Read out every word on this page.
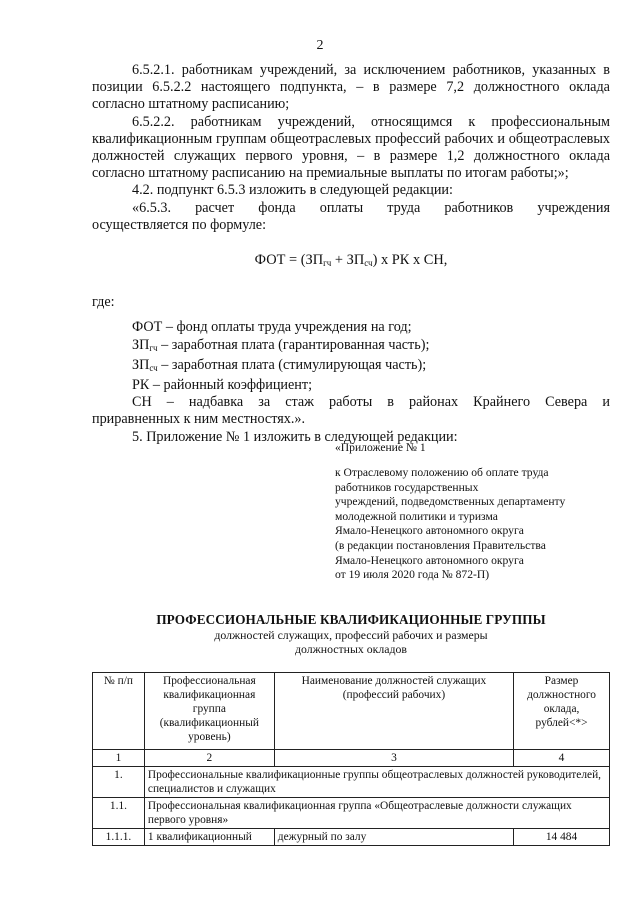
2

6.5.2.1. работникам учреждений, за исключением работников, указанных в позиции 6.5.2.2 настоящего подпункта, – в размере 7,2 должностного оклада согласно штатному расписанию;

6.5.2.2. работникам учреждений, относящимся к профессиональным квалификационным группам общеотраслевых профессий рабочих и общеотраслевых должностей служащих первого уровня, – в размере 1,2 должностного оклада согласно штатному расписанию на премиальные выплаты по итогам работы;»;

4.2. подпункт 6.5.3 изложить в следующей редакции:

«6.5.3. расчет фонда оплаты труда работников учреждения

осуществляется по формуле:

ФОТ = $(ЗП_{гч} + ЗП_{сч})$ х РК х СН,

где:

ФОТ – фонд оплаты труда учреждения на год;

$ЗП_{гч}$ – заработная плата (гарантированная часть);

$ЗП_{сч}$ – заработная плата (стимулирующая часть);

РК – районный коэффициент;

СН – надбавка за стаж работы в районах Крайнего Севера и

приравненных к ним местностях.».

5. Приложение № 1 изложить в следующей редакции:

«Приложение № 1
к Отраслевому положению об оплате труда
работников государственных
учреждений, подведомственных департаменту
молодежной политики и туризма
Ямало-Ненецкого автономного округа
(в редакции постановления Правительства
Ямало-Ненецкого автономного округа
от 19 июля 2020 года № 872-П)
ПРОФЕССИОНАЛЬНЫЕ КВАЛИФИКАЦИОННЫЕ ГРУППЫ
должностей служащих, профессий рабочих и размеры
должностных окладов
№ п/п	Профессиональная квалификационная группа (квалификационный уровень)	Наименование должностей служащих (профессий рабочих)	Размер должностного оклада, рублей<*>
1	2	3	4
1.	Профессиональные квалификационные группы общеотраслевых должностей руководителей, специалистов и служащих		
1.1.	Профессиональная квалификационная группа «Общеотраслевые должности служащих первого уровня»		
1.1.1.	1 квалификационный	дежурный по залу	14 484
